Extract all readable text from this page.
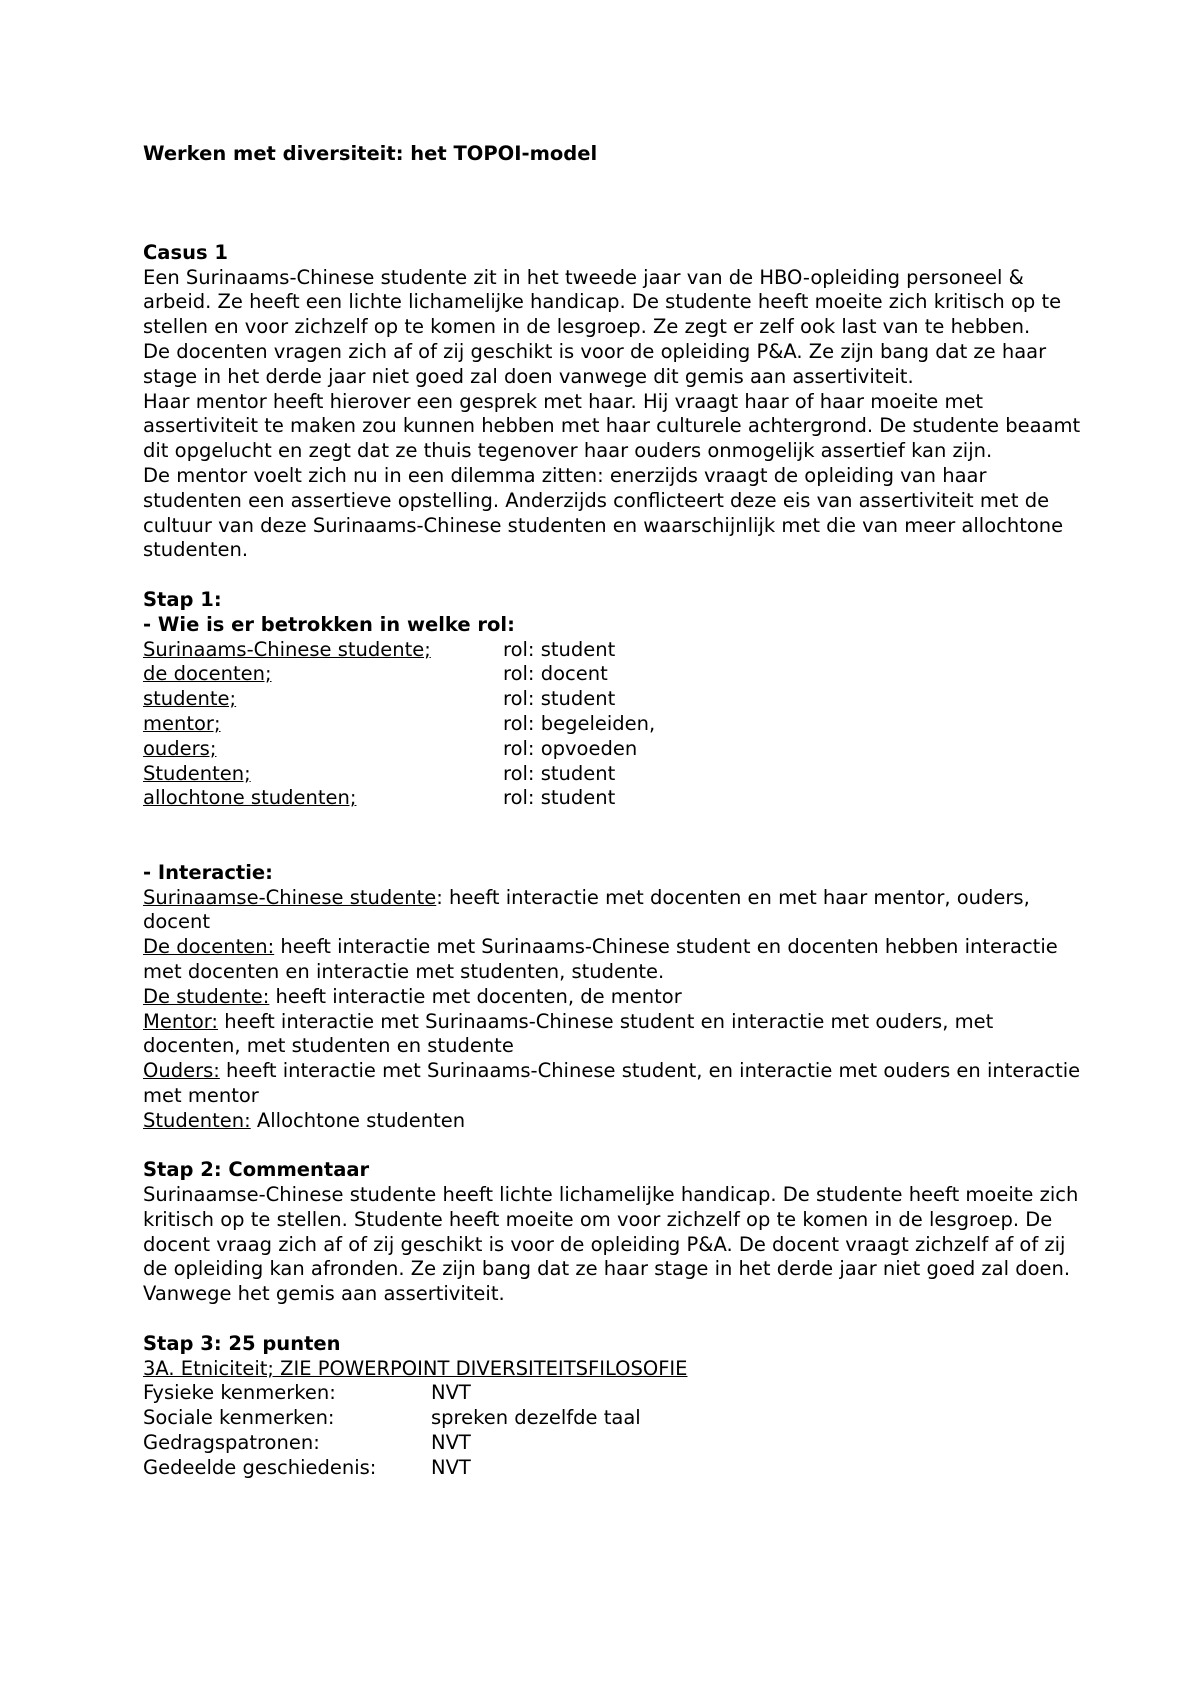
Werken met diversiteit: het TOPOI-model

Casus 1

Een Surinaams-Chinese studente zit in het tweede jaar van de HBO-opleiding personeel & arbeid. Ze heeft een lichte lichamelijke handicap. De studente heeft moeite zich kritisch op te stellen en voor zichzelf op te komen in de lesgroep. Ze zegt er zelf ook last van te hebben.

De docenten vragen zich af of zij geschikt is voor de opleiding P&A. Ze zijn bang dat ze haar stage in het derde jaar niet goed zal doen vanwege dit gemis aan assertiviteit.

Haar mentor heeft hierover een gesprek met haar. Hij vraagt haar of haar moeite met assertiviteit te maken zou kunnen hebben met haar culturele achtergrond. De studente beaamt dit opgelucht en zegt dat ze thuis tegenover haar ouders onmogelijk assertief kan zijn.

De mentor voelt zich nu in een dilemma zitten: enerzijds vraagt de opleiding van haar studenten een assertieve opstelling. Anderzijds conflicteert deze eis van assertiviteit met de cultuur van deze Surinaams-Chinese studenten en waarschijnlijk met die van meer allochtone studenten.

Stap 1:

- Wie is er betrokken in welke rol:

Surinaams-Chinese studente;	rol: student
de docenten;	rol: docent
studente;	rol: student
mentor;	rol: begeleiden,
ouders;	rol: opvoeden
Studenten;	rol: student
allochtone studenten;	rol: student

- Interactie:

Surinaamse-Chinese studente: heeft interactie met docenten en met haar mentor, ouders, docent

De docenten: heeft interactie met Surinaams-Chinese student en docenten hebben interactie met docenten en interactie met studenten, studente.

De studente: heeft interactie met docenten, de mentor

Mentor: heeft interactie met Surinaams-Chinese student en interactie met ouders, met docenten, met studenten en studente

Ouders: heeft interactie met Surinaams-Chinese student, en interactie met ouders en interactie met mentor

Studenten: Allochtone studenten

Stap 2: Commentaar

Surinaamse-Chinese studente heeft lichte lichamelijke handicap. De studente heeft moeite zich kritisch op te stellen. Studente heeft moeite om voor zichzelf op te komen in de lesgroep. De docent vraag zich af of zij geschikt is voor de opleiding P&A. De docent vraagt zichzelf af of zij de opleiding kan afronden. Ze zijn bang dat ze haar stage in het derde jaar niet goed zal doen. Vanwege het gemis aan assertiviteit.

Stap 3: 25 punten

3A. Etniciteit; ZIE POWERPOINT DIVERSITEITSFILOSOFIE

Fysieke kenmerken:	NVT
Sociale kenmerken:	spreken dezelfde taal
Gedragspatronen:	NVT
Gedeelde geschiedenis:	NVT
